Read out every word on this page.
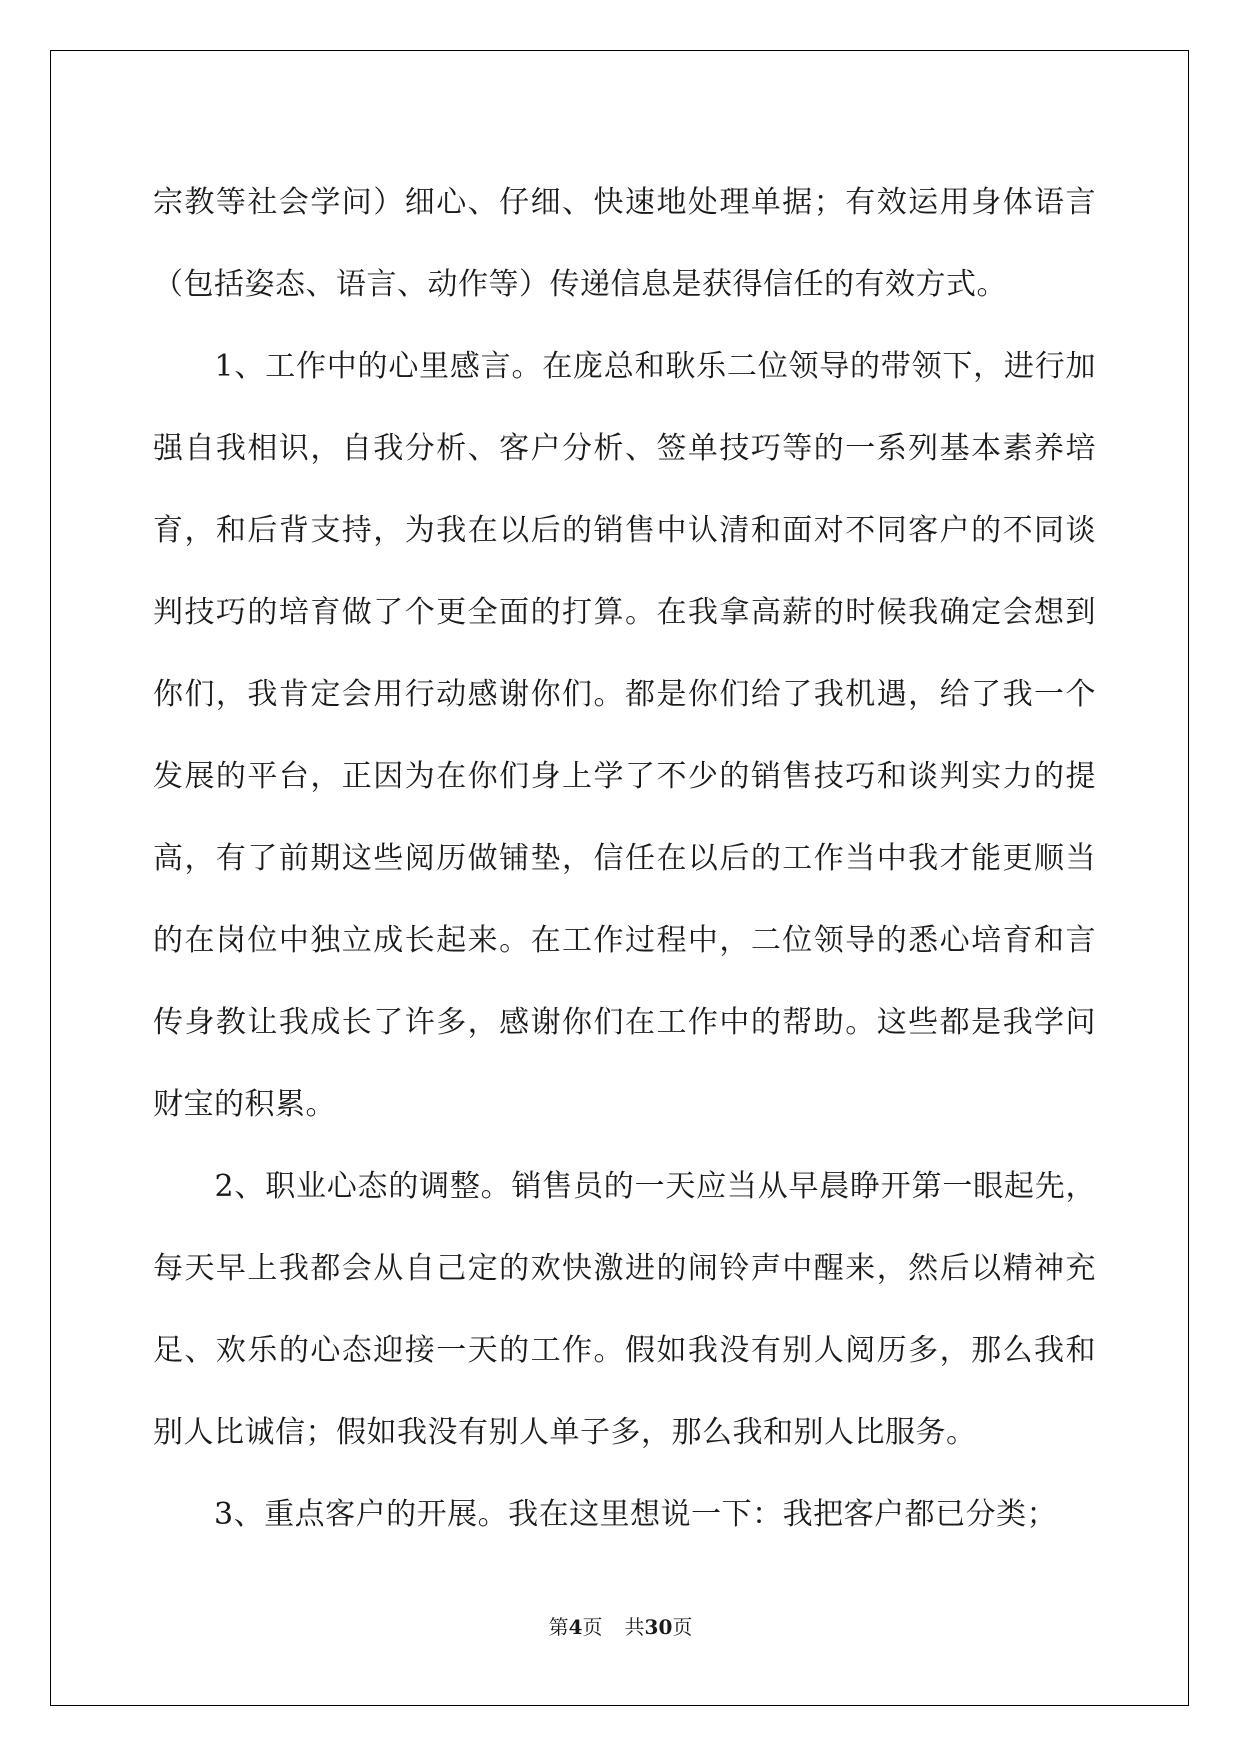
宗教等社会学问）细心、仔细、快速地处理单据；有效运用身体语言
（包括姿态、语言、动作等）传递信息是获得信任的有效方式。
　　1、工作中的心里感言。在庞总和耿乐二位领导的带领下，进行加
强自我相识，自我分析、客户分析、签单技巧等的一系列基本素养培
育，和后背支持，为我在以后的销售中认清和面对不同客户的不同谈
判技巧的培育做了个更全面的打算。在我拿高薪的时候我确定会想到
你们，我肯定会用行动感谢你们。都是你们给了我机遇，给了我一个
发展的平台，正因为在你们身上学了不少的销售技巧和谈判实力的提
高，有了前期这些阅历做铺垫，信任在以后的工作当中我才能更顺当
的在岗位中独立成长起来。在工作过程中，二位领导的悉心培育和言
传身教让我成长了许多，感谢你们在工作中的帮助。这些都是我学问
财宝的积累。
　　2、职业心态的调整。销售员的一天应当从早晨睁开第一眼起先，
每天早上我都会从自己定的欢快激进的闹铃声中醒来，然后以精神充
足、欢乐的心态迎接一天的工作。假如我没有别人阅历多，那么我和
别人比诚信；假如我没有别人单子多，那么我和别人比服务。
　　3、重点客户的开展。我在这里想说一下：我把客户都已分类；
第4页 共30页
